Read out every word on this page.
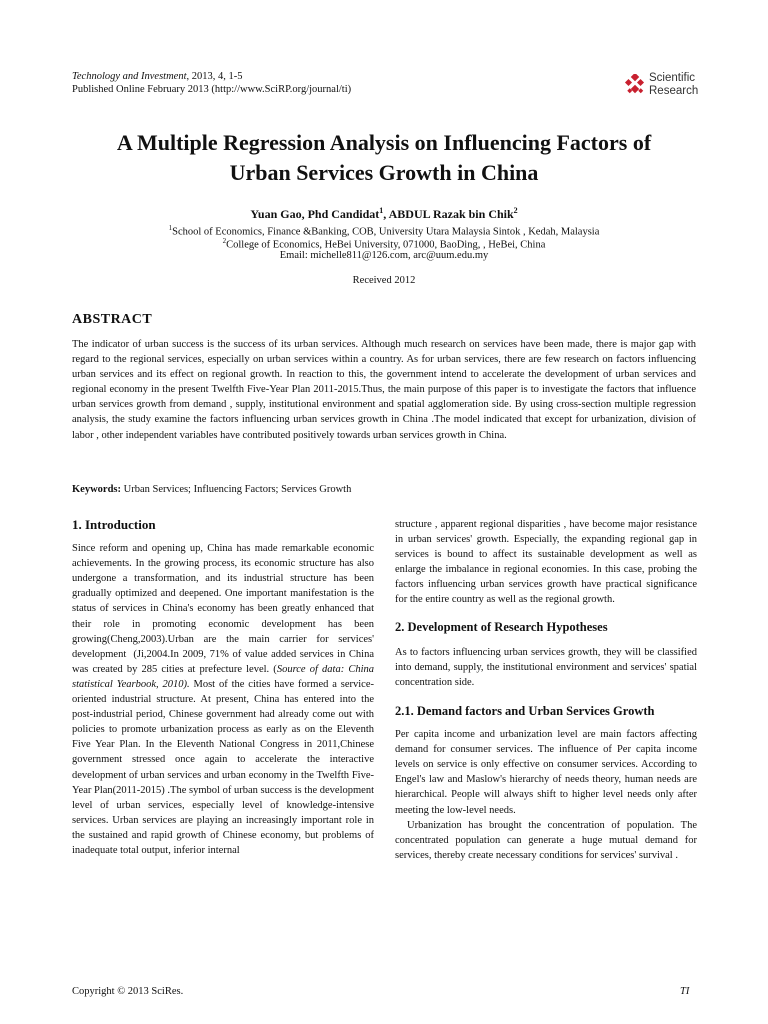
Technology and Investment, 2013, 4, 1-5
Published Online February 2013 (http://www.SciRP.org/journal/ti)
Scientific
Research
A Multiple Regression Analysis on Influencing Factors of
Urban Services Growth in China
Yuan Gao, Phd Candidat$^1$, ABDUL Razak bin Chik$^2$
$^1$School of Economics, Finance &Banking, COB, University Utara Malaysia Sintok , Kedah, Malaysia
$^2$College of Economics, HeBei University, 071000, BaoDing, , HeBei, China
Email: michelle811@126.com, arc@uum.edu.my
Received 2012
ABSTRACT
The indicator of urban success is the success of its urban services. Although much research on services have been made, there is major gap with regard to the regional services, especially on urban services within a country. As for urban services, there are few research on factors influencing urban services and its effect on regional growth. In reaction to this, the government intend to accelerate the development of urban services and regional economy in the present Twelfth Five-Year Plan 2011-2015.Thus, the main purpose of this paper is to investigate the factors that influence urban services growth from demand , supply, institutional environment and spatial agglomeration side. By using cross-section multiple regression analysis, the study examine the factors influencing urban services growth in China .The model indicated that except for urbanization, division of labor , other independent variables have contributed positively towards urban services growth in China.
Keywords: Urban Services; Influencing Factors; Services Growth

1. Introduction

Since reform and opening up, China has made remarkable economic achievements. In the growing process, its economic structure has also undergone a transformation, and its industrial structure has been gradually optimized and deepened. One important manifestation is the status of services in China's economy has been greatly enhanced that their role in promoting economic development has been growing(Cheng,2003).Urban are the main carrier for services' development  (Ji,2004.In 2009, 71% of value added services in China was created by 285 cities at prefecture level. (Source of data: China statistical Yearbook, 2010). Most of the cities have formed a service-oriented industrial structure. At present, China has entered into the post-industrial period, Chinese government had already come out with policies to promote urbanization process as early as on the Eleventh Five Year Plan. In the Eleventh National Congress in 2011,Chinese government stressed once again to accelerate the interactive development of urban services and urban economy in the Twelfth Five-Year Plan(2011-2015) .The symbol of urban success is the development level of urban services, especially level of knowledge-intensive services. Urban services are playing an increasingly important role in the sustained and rapid growth of Chinese economy, but problems of inadequate total output, inferior internal

structure , apparent regional disparities , have become major resistance in urban services' growth. Especially, the expanding regional gap in services is bound to affect its sustainable development as well as enlarge the imbalance in regional economies. In this case, probing the factors influencing urban services growth have practical significance for the entire country as well as the regional growth.

2. Development of Research Hypotheses

As to factors influencing urban services growth, they will be classified into demand, supply, the institutional environment and services' spatial concentration side.

2.1. Demand factors and Urban Services Growth

Per capita income and urbanization level are main factors affecting demand for consumer services. The influence of Per capita income levels on service is only effective on consumer services. According to Engel's law and Maslow's hierarchy of needs theory, human needs are hierarchical. People will always shift to higher level needs only after meeting the low-level needs.

Urbanization has brought the concentration of population. The concentrated population can generate a huge mutual demand for services, thereby create necessary conditions for services' survival .

Copyright © 2013 SciRes.	TI
